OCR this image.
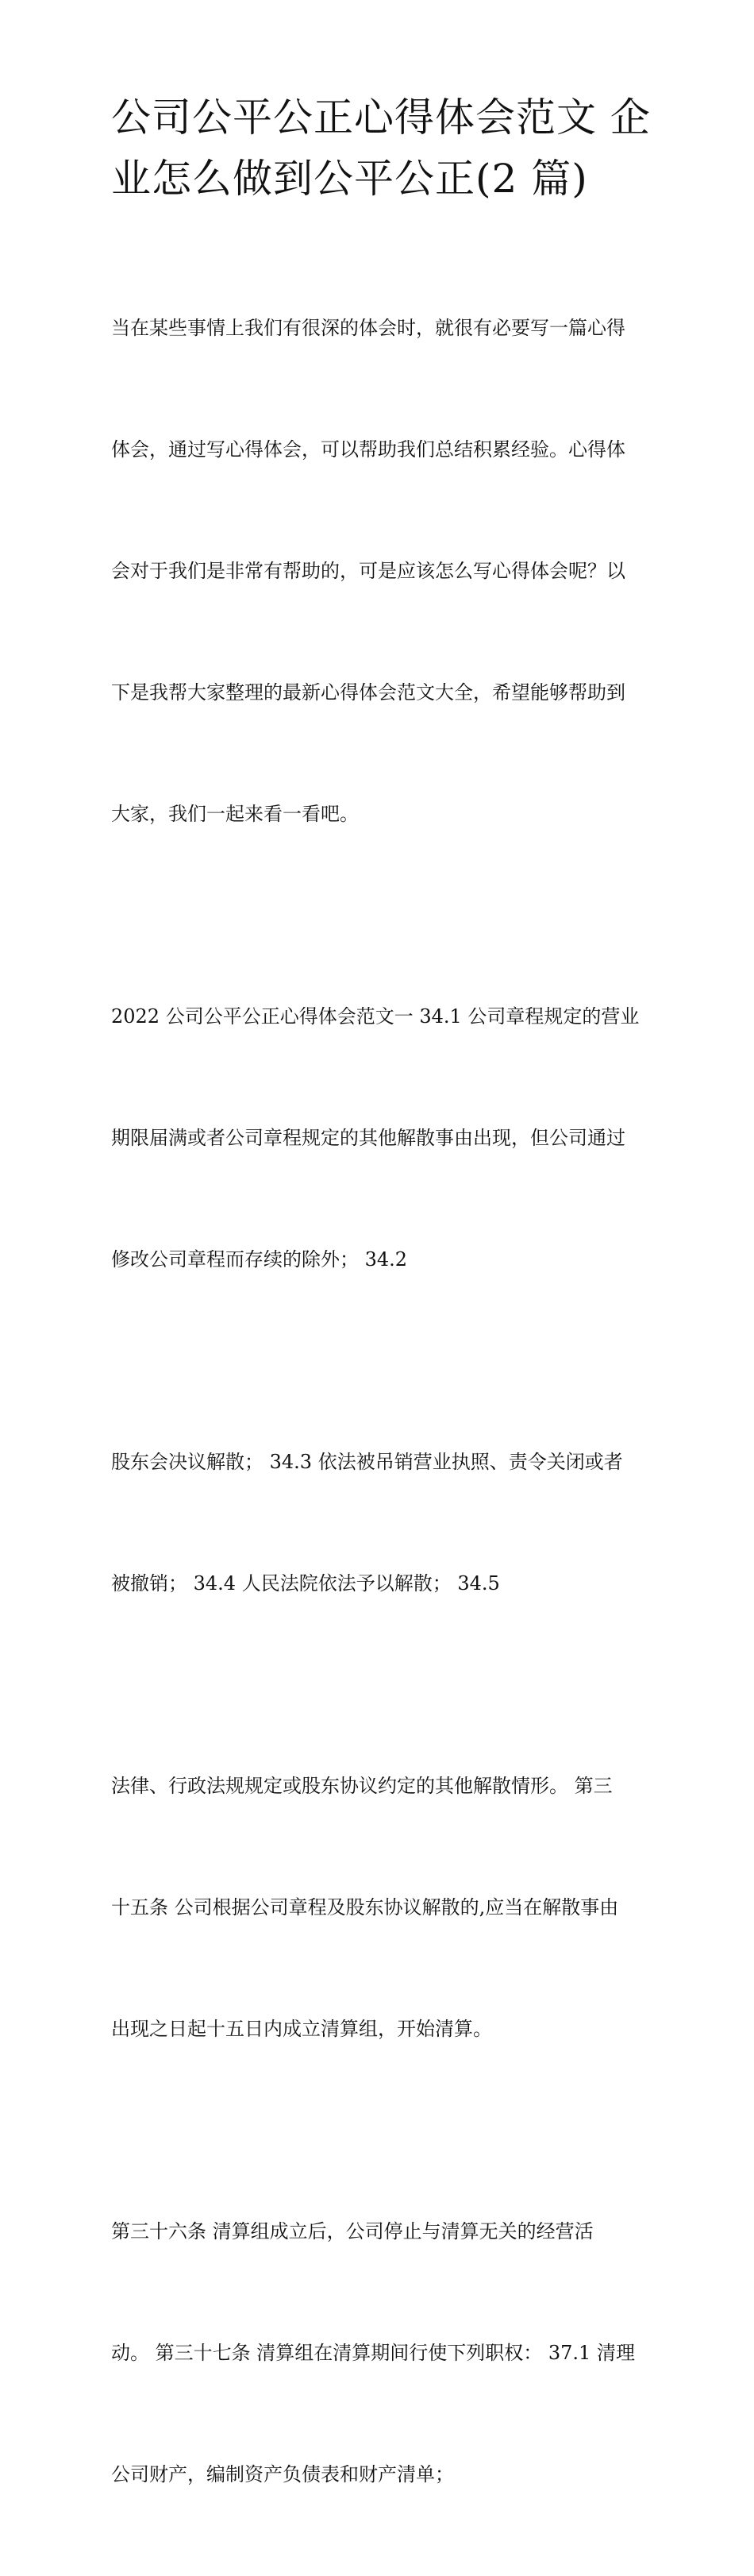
公司公平公正心得体会范文 企
业怎么做到公平公正(2 篇)

当在某些事情上我们有很深的体会时，就很有必要写一篇心得

体会，通过写心得体会，可以帮助我们总结积累经验。心得体

会对于我们是非常有帮助的，可是应该怎么写心得体会呢？以

下是我帮大家整理的最新心得体会范文大全，希望能够帮助到

大家，我们一起来看一看吧。

2022 公司公平公正心得体会范文一 34.1 公司章程规定的营业

期限届满或者公司章程规定的其他解散事由出现，但公司通过

修改公司章程而存续的除外； 34.2

股东会决议解散； 34.3 依法被吊销营业执照、责令关闭或者

被撤销； 34.4 人民法院依法予以解散； 34.5

法律、行政法规规定或股东协议约定的其他解散情形。 第三

十五条 公司根据公司章程及股东协议解散的,应当在解散事由

出现之日起十五日内成立清算组，开始清算。

第三十六条 清算组成立后，公司停止与清算无关的经营活

动。 第三十七条 清算组在清算期间行使下列职权： 37.1 清理

公司财产，编制资产负债表和财产清单；
